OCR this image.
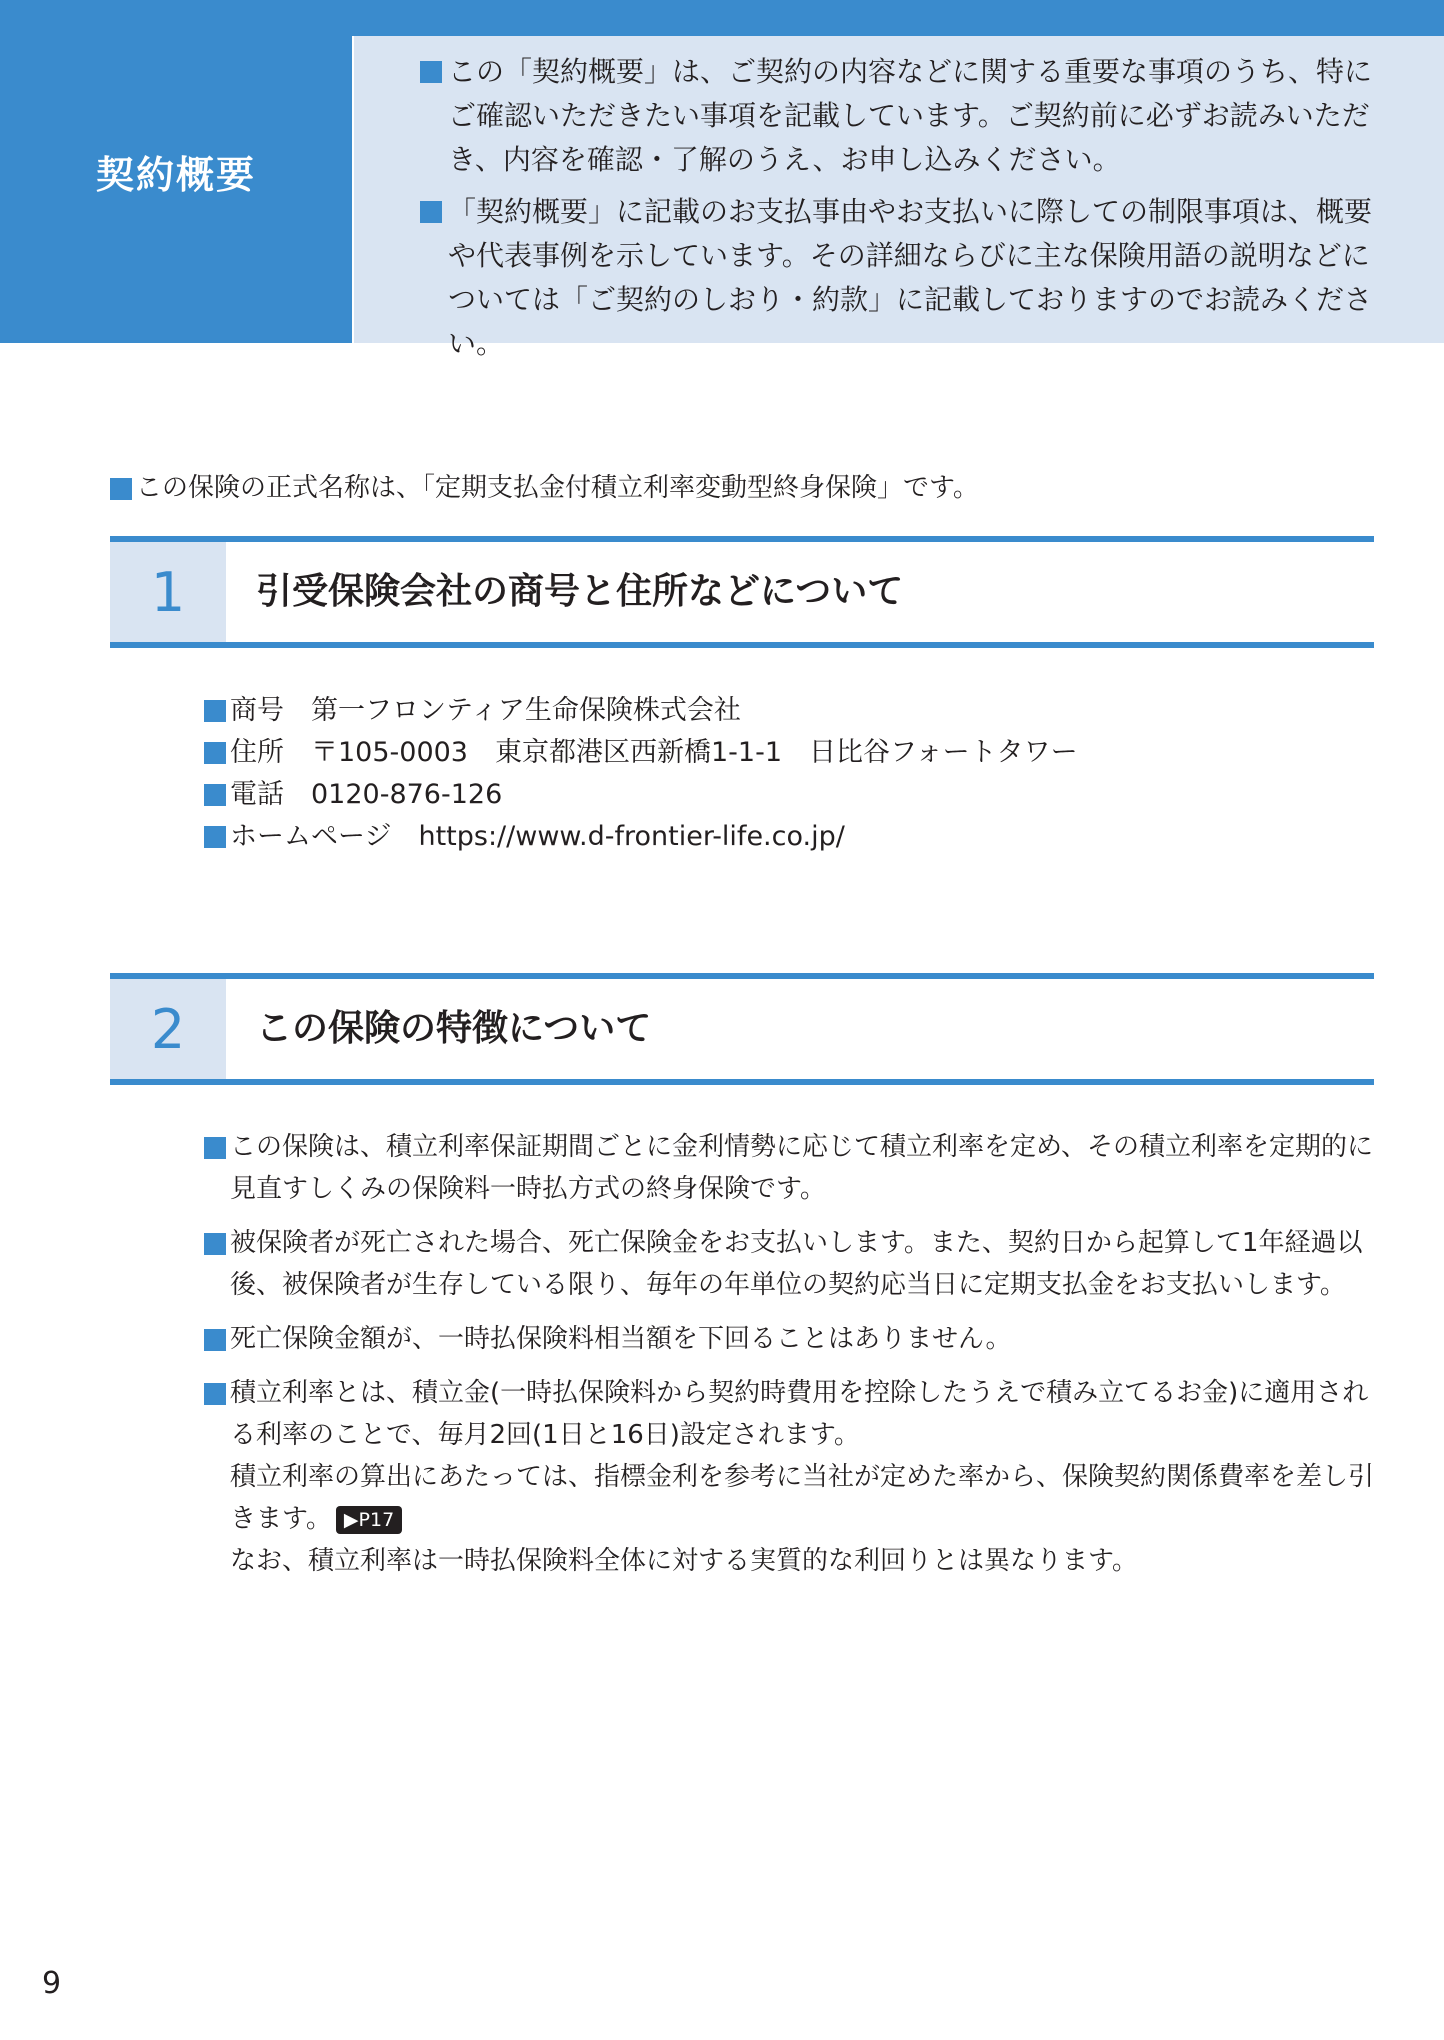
契約概要
この「契約概要」は、ご契約の内容などに関する重要な事項のうち、特にご確認いただきたい事項を記載しています。ご契約前に必ずお読みいただき、内容を確認・了解のうえ、お申し込みください。
「契約概要」に記載のお支払事由やお支払いに際しての制限事項は、概要や代表事例を示しています。その詳細ならびに主な保険用語の説明などについては「ご契約のしおり・約款」に記載しておりますのでお読みください。
この保険の正式名称は、「定期支払金付積立利率変動型終身保険」です。
1	引受保険会社の商号と住所などについて
商号　第一フロンティア生命保険株式会社
住所　〒105-0003　東京都港区西新橋1-1-1　日比谷フォートタワー
電話　0120-876-126
ホームページ　https://www.d-frontier-life.co.jp/
2	この保険の特徴について

この保険は、積立利率保証期間ごとに金利情勢に応じて積立利率を定め、その積立利率を定期的に見直すしくみの保険料一時払方式の終身保険です。

被保険者が死亡された場合、死亡保険金をお支払いします。また、契約日から起算して1年経過以後、被保険者が生存している限り、毎年の年単位の契約応当日に定期支払金をお支払いします。

死亡保険金額が、一時払保険料相当額を下回ることはありません。

積立利率とは、積立金(一時払保険料から契約時費用を控除したうえで積み立てるお金)に適用される利率のことで、毎月2回(1日と16日)設定されます。

積立利率の算出にあたっては、指標金利を参考に当社が定めた率から、保険契約関係費率を差し引きます。 ▶P17

なお、積立利率は一時払保険料全体に対する実質的な利回りとは異なります。

9
